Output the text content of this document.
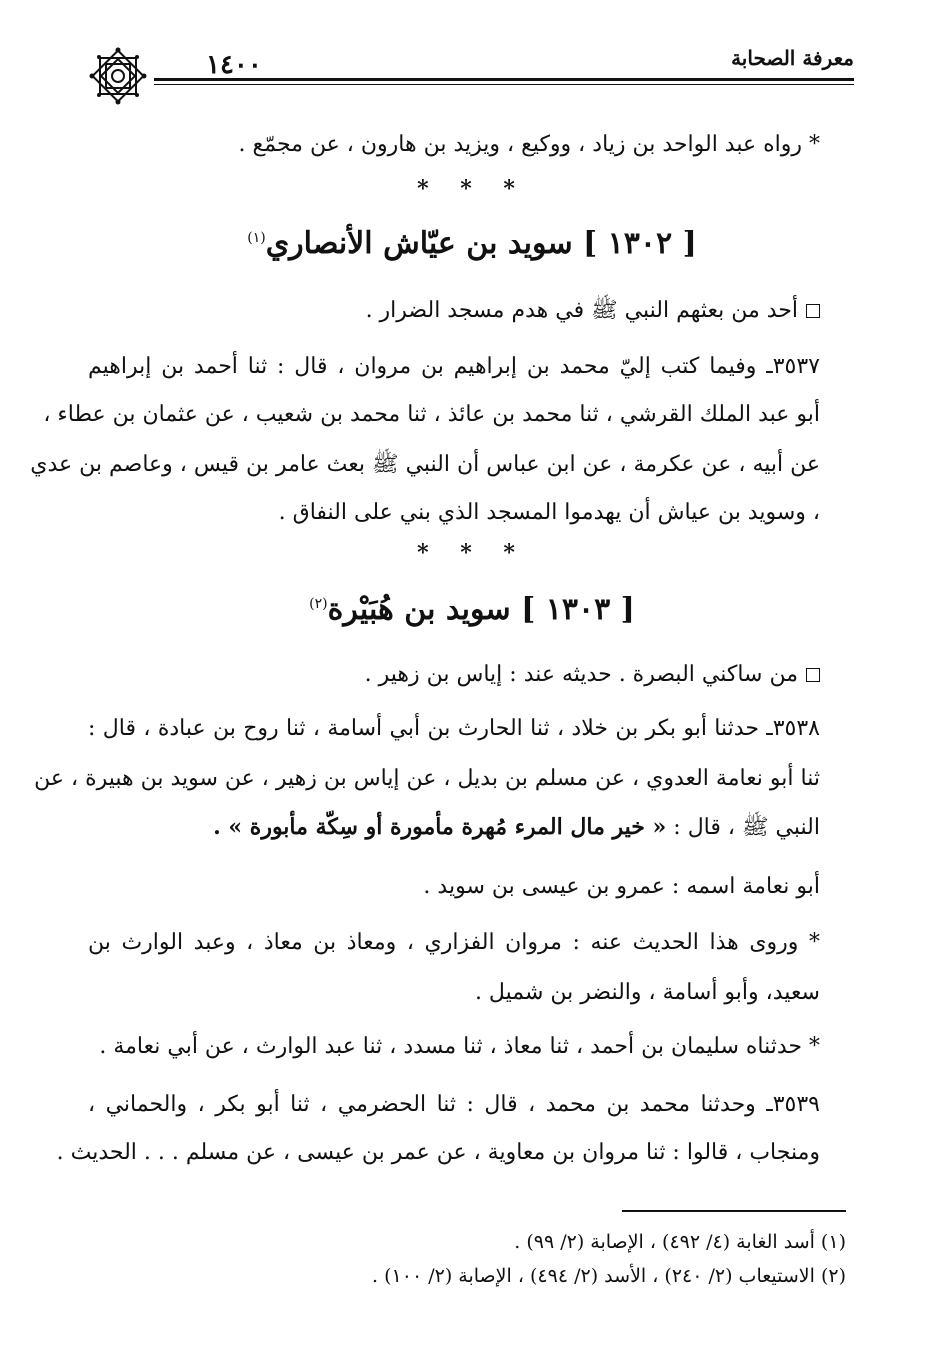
١٤٠٠	معرفة الصحابة
* رواه عبد الواحد بن زياد ، ووكيع ، ويزيد بن هارون ، عن مجمّع .
* * *
[ ١٣٠٢ ] سويد بن عيّاش الأنصاري$^{(١)}$
أحد من بعثهم النبي ﷺ في هدم مسجد الضرار .
٣٥٣٧ـ وفيما كتب إليّ محمد بن إبراهيم بن مروان ، قال : ثنا أحمد بن إبراهيم
أبو عبد الملك القرشي ، ثنا محمد بن عائذ ، ثنا محمد بن شعيب ، عن عثمان بن عطاء ،
عن أبيه ، عن عكرمة ، عن ابن عباس أن النبي ﷺ بعث عامر بن قيس ، وعاصم بن عدي
، وسويد بن عياش أن يهدموا المسجد الذي بني على النفاق .
* * *
[ ١٣٠٣ ] سويد بن هُبَيْرة$^{(٢)}$
من ساكني البصرة . حديثه عند : إياس بن زهير .
٣٥٣٨ـ حدثنا أبو بكر بن خلاد ، ثنا الحارث بن أبي أسامة ، ثنا روح بن عبادة ، قال :
ثنا أبو نعامة العدوي ، عن مسلم بن بديل ، عن إياس بن زهير ، عن سويد بن هبيرة ، عن
النبي ﷺ ، قال : « خير مال المرء مُهرة مأمورة أو سِكّة مأبورة » .
أبو نعامة اسمه : عمرو بن عيسى بن سويد .
* وروى هذا الحديث عنه : مروان الفزاري ، ومعاذ بن معاذ ، وعبد الوارث بن
سعيد، وأبو أسامة ، والنضر بن شميل .
* حدثناه سليمان بن أحمد ، ثنا معاذ ، ثنا مسدد ، ثنا عبد الوارث ، عن أبي نعامة .
٣٥٣٩ـ وحدثنا محمد بن محمد ، قال : ثنا الحضرمي ، ثنا أبو بكر ، والحماني ،
ومنجاب ، قالوا : ثنا مروان بن معاوية ، عن عمر بن عيسى ، عن مسلم . . . الحديث .
(١) أسد الغابة (٤/ ٤٩٢) ، الإصابة (٢/ ٩٩) .
(٢) الاستيعاب (٢/ ٢٤٠) ، الأسد (٢/ ٤٩٤) ، الإصابة (٢/ ١٠٠) .
